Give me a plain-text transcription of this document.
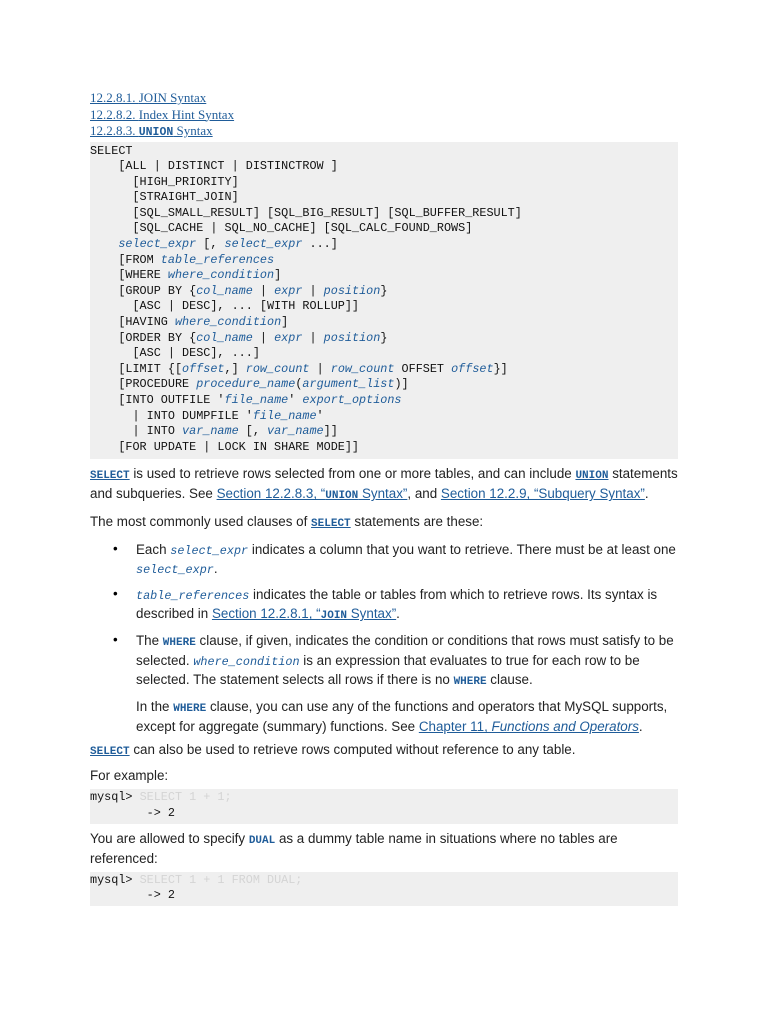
12.2.8.1. JOIN Syntax
12.2.8.2. Index Hint Syntax
12.2.8.3. UNION Syntax
SELECT
[ALL | DISTINCT | DISTINCTROW ]
[HIGH_PRIORITY]
[STRAIGHT_JOIN]
[SQL_SMALL_RESULT] [SQL_BIG_RESULT] [SQL_BUFFER_RESULT]
[SQL_CACHE | SQL_NO_CACHE] [SQL_CALC_FOUND_ROWS]
select_expr [, select_expr ...]
[FROM table_references
[WHERE where_condition]
[GROUP BY {col_name | expr | position}
[ASC | DESC], ... [WITH ROLLUP]]
[HAVING where_condition]
[ORDER BY {col_name | expr | position}
[ASC | DESC], ...]
[LIMIT {[offset,] row_count | row_count OFFSET offset}]
[PROCEDURE procedure_name(argument_list)]
[INTO OUTFILE 'file_name' export_options
| INTO DUMPFILE 'file_name'
| INTO var_name [, var_name]]
[FOR UPDATE | LOCK IN SHARE MODE]]

SELECT is used to retrieve rows selected from one or more tables, and can include UNION statements and subqueries. See Section 12.2.8.3, “UNION Syntax”, and Section 12.2.9, “Subquery Syntax”.

The most commonly used clauses of SELECT statements are these:

• Each select_expr indicates a column that you want to retrieve. There must be at least one select_expr.

• table_references indicates the table or tables from which to retrieve rows. Its syntax is described in Section 12.2.8.1, “JOIN Syntax”.

• The WHERE clause, if given, indicates the condition or conditions that rows must satisfy to be selected. where_condition is an expression that evaluates to true for each row to be selected. The statement selects all rows if there is no WHERE clause.

In the WHERE clause, you can use any of the functions and operators that MySQL supports, except for aggregate (summary) functions. See Chapter 11, Functions and Operators.

SELECT can also be used to retrieve rows computed without reference to any table.

For example:

mysql> SELECT 1 + 1;
-> 2

You are allowed to specify DUAL as a dummy table name in situations where no tables are referenced:

mysql> SELECT 1 + 1 FROM DUAL;
-> 2
